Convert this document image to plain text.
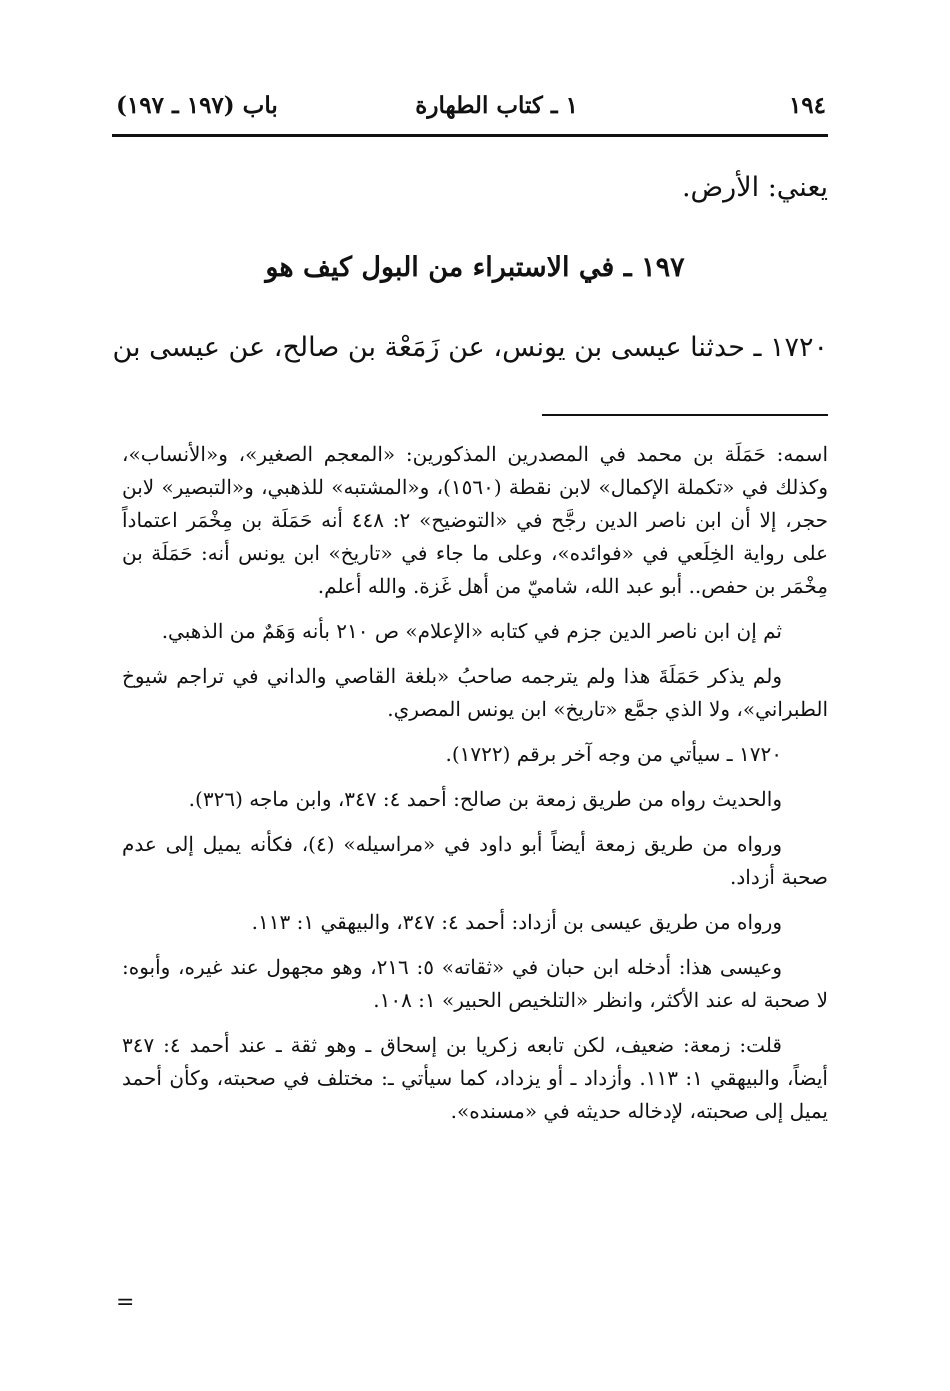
١٩٤
١ ـ كتاب الطهارة
باب (١٩٧ ـ ١٩٧)
يعني: الأرض.
١٩٧ ـ في الاستبراء من البول كيف هو
١٧٢٠ ـ حدثنا عيسى بن يونس، عن زَمَعْة بن صالح، عن عيسى بن

اسمه: حَمَلَة بن محمد في المصدرين المذكورين: «المعجم الصغير»، و«الأنساب»، وكذلك في «تكملة الإكمال» لابن نقطة (١٥٦٠)، و«المشتبه» للذهبي، و«التبصير» لابن حجر، إلا أن ابن ناصر الدين رجَّح في «التوضيح» ٢: ٤٤٨ أنه حَمَلَة بن مِخْمَر اعتماداً على رواية الخِلَعي في «فوائده»، وعلى ما جاء في «تاريخ» ابن يونس أنه: حَمَلَة بن مِخْمَر بن حفص.. أبو عبد الله، شاميّ من أهل غَزة. والله أعلم.

ثم إن ابن ناصر الدين جزم في كتابه «الإعلام» ص ٢١٠ بأنه وَهَمٌ من الذهبي.

ولم يذكر حَمَلَةَ هذا ولم يترجمه صاحبُ «بلغة القاصي والداني في تراجم شيوخ الطبراني»، ولا الذي جمَّع «تاريخ» ابن يونس المصري.

١٧٢٠ ـ سيأتي من وجه آخر برقم (١٧٢٢).

والحديث رواه من طريق زمعة بن صالح: أحمد ٤: ٣٤٧، وابن ماجه (٣٢٦).

ورواه من طريق زمعة أيضاً أبو داود في «مراسيله» (٤)، فكأنه يميل إلى عدم صحبة أزداد.

ورواه من طريق عيسى بن أزداد: أحمد ٤: ٣٤٧، والبيهقي ١: ١١٣.

وعيسى هذا: أدخله ابن حبان في «ثقاته» ٥: ٢١٦، وهو مجهول عند غيره، وأبوه: لا صحبة له عند الأكثر، وانظر «التلخيص الحبير» ١: ١٠٨.

قلت: زمعة: ضعيف، لكن تابعه زكريا بن إسحاق ـ وهو ثقة ـ عند أحمد ٤: ٣٤٧ أيضاً، والبيهقي ١: ١١٣. وأزداد ـ أو يزداد، كما سيأتي ـ: مختلف في صحبته، وكأن أحمد يميل إلى صحبته، لإدخاله حديثه في «مسنده».

=
